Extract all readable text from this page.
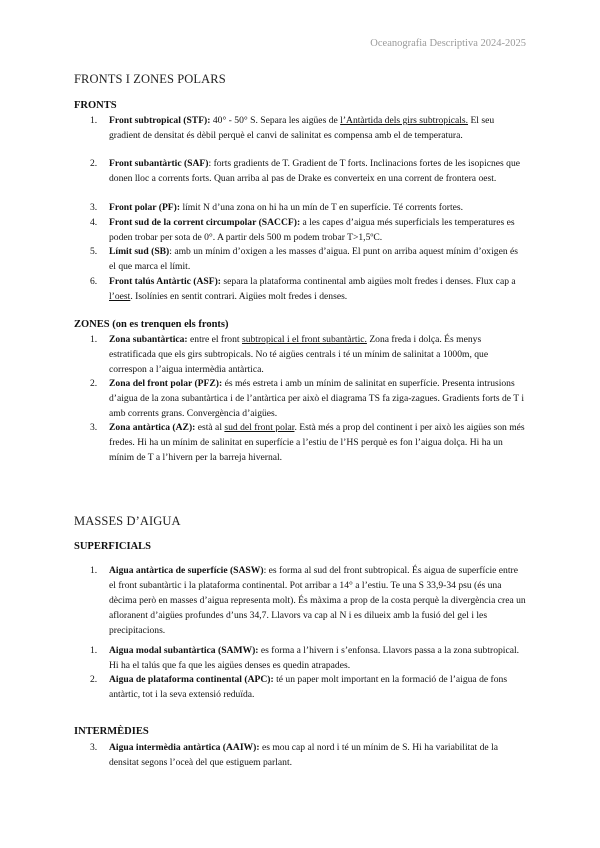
Oceanografia Descriptiva 2024-2025
FRONTS I ZONES POLARS
FRONTS
1.	Front subtropical (STF): 40° - 50° S. Separa les aigües de l’Antàrtida dels girs subtropicals. El seu gradient de densitat és dèbil perquè el canvi de salinitat es compensa amb el de temperatura.
2.	Front subantàrtic (SAF): forts gradients de T. Gradient de T forts. Inclinacions fortes de les isopicnes que donen lloc a corrents forts. Quan arriba al pas de Drake es converteix en una corrent de frontera oest.
3.	Front polar (PF): límit N d’una zona on hi ha un mín de T en superfície. Té corrents fortes.
4.	Front sud de la corrent circumpolar (SACCF): a les capes d’aigua més superficials les temperatures es poden trobar per sota de 0°. A partir dels 500 m podem trobar T>1,5ºC.
5.	Límit sud (SB): amb un mínim d’oxigen a les masses d’aigua. El punt on arriba aquest mínim d’oxigen és el que marca el límit.
6.	Front talús Antàrtic (ASF): separa la plataforma continental amb aigües molt fredes i denses. Flux cap a l’oest. Isolínies en sentit contrari. Aigües molt fredes i denses.
ZONES (on es trenquen els fronts)
1.	Zona subantàrtica: entre el front subtropical i el front subantàrtic. Zona freda i dolça. És menys estratificada que els girs subtropicals. No té aigües centrals i té un mínim de salinitat a 1000m, que correspon a l’aigua intermèdia antàrtica.
2.	Zona del front polar (PFZ): és més estreta i amb un mínim de salinitat en superfície. Presenta intrusions d’aigua de la zona subantàrtica i de l’antàrtica per això el diagrama TS fa ziga-zagues. Gradients forts de T i amb corrents grans. Convergència d’aigües.
3.	Zona antàrtica (AZ): està al sud del front polar. Està més a prop del continent i per això les aigües son més fredes. Hi ha un mínim de salinitat en superfície a l’estiu de l’HS perquè es fon l’aigua dolça. Hi ha un mínim de T a l’hivern per la barreja hivernal.
MASSES D’AIGUA
SUPERFICIALS
1.	Aigua antàrtica de superfície (SASW): es forma al sud del front subtropical. És aigua de superfície entre el front subantàrtic i la plataforma continental. Pot arribar a 14° a l’estiu. Te una S 33,9-34 psu (és una dècima però en masses d’aigua representa molt). És màxima a prop de la costa perquè la divergència crea un afloranent d’aigües profundes d’uns 34,7. Llavors va cap al N i es dilueix amb la fusió del gel i les precipitacions.
1.	Aigua modal subantàrtica (SAMW): es forma a l’hivern i s’enfonsa. Llavors passa a la zona subtropical. Hi ha el talús que fa que les aigües denses es quedin atrapades.
2.	Aigua de plataforma continental (APC): té un paper molt important en la formació de l’aigua de fons antàrtic, tot i la seva extensió reduïda.
INTERMÈDIES
3.	Aigua intermèdia antàrtica (AAIW): es mou cap al nord i té un mínim de S. Hi ha variabilitat de la densitat segons l’oceà del que estiguem parlant.
